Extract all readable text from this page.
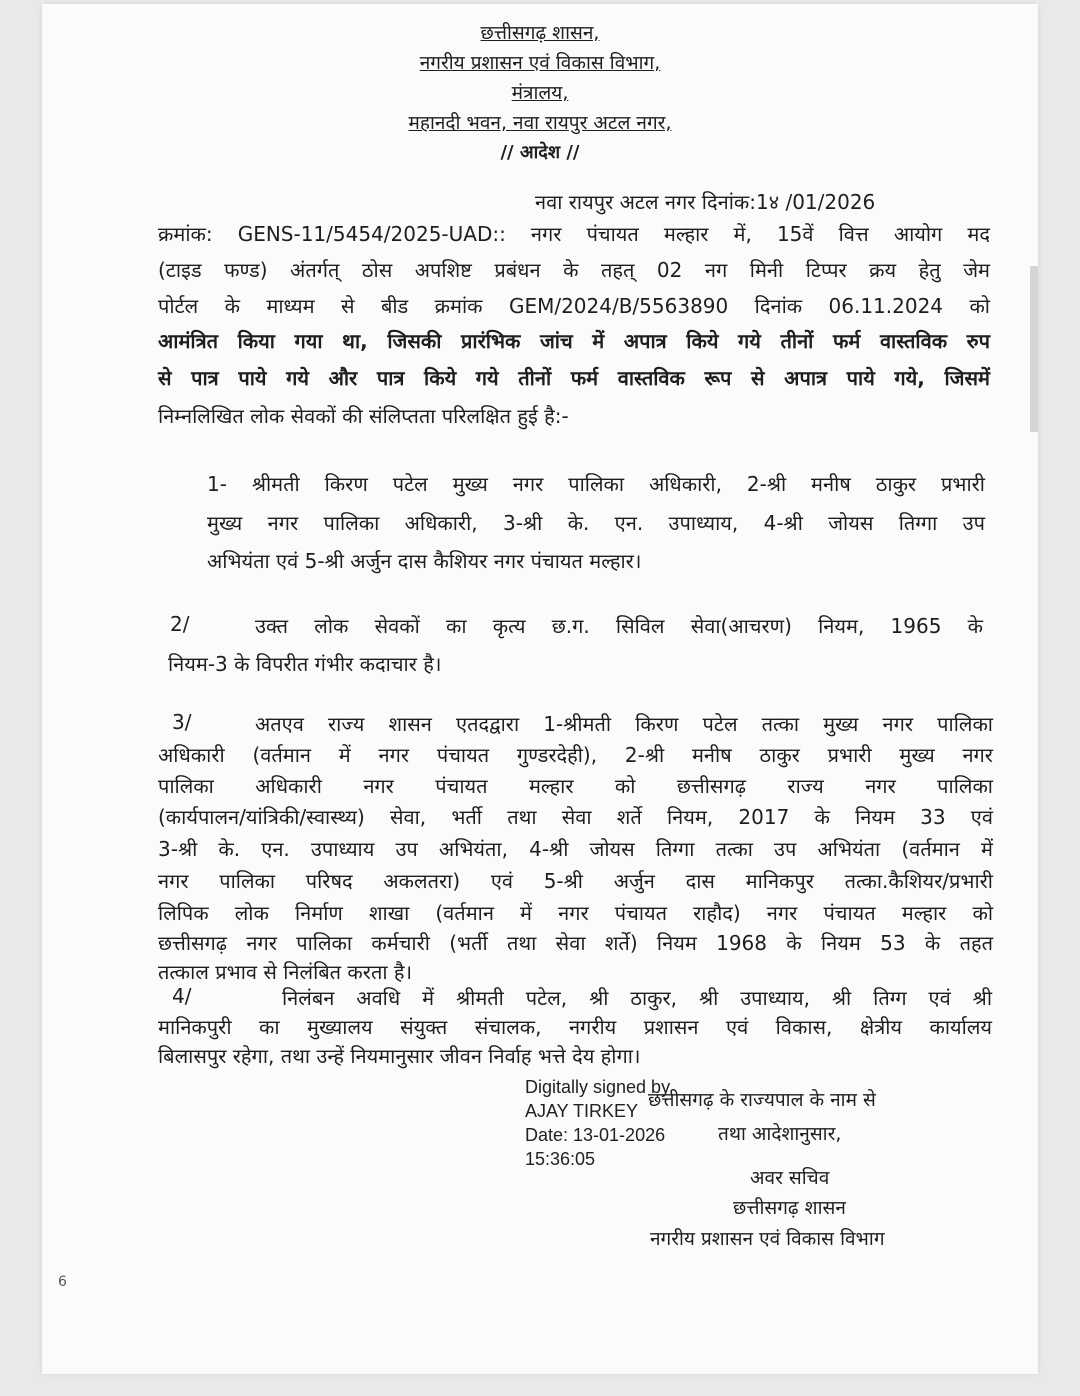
छत्तीसगढ़ शासन,
नगरीय प्रशासन एवं विकास विभाग,
मंत्रालय,
महानदी भवन, नवा रायपुर अटल नगर,
// आदेश //
नवा रायपुर अटल नगर दिनांक:1४ /01/2026
क्रमांक: GENS-11/5454/2025-UAD:: नगर पंचायत मल्हार में, 15वें वित्त आयोग मद
(टाइड फण्ड) अंतर्गत् ठोस अपशिष्ट प्रबंधन के तहत् 02 नग मिनी टिप्पर क्रय हेतु जेम
पोर्टल के माध्यम से बीड क्रमांक GEM/2024/B/5563890 दिनांक 06.11.2024 को
आमंत्रित किया गया था, जिसकी प्रारंभिक जांच में अपात्र किये गये तीनों फर्म वास्तविक रुप
से पात्र पाये गये और पात्र किये गये तीनों फर्म वास्तविक रूप से अपात्र पाये गये, जिसमें
निम्नलिखित लोक सेवकों की संलिप्तता परिलक्षित हुई है:-
1- श्रीमती किरण पटेल मुख्य नगर पालिका अधिकारी, 2-श्री मनीष ठाकुर प्रभारी
मुख्य नगर पालिका अधिकारी, 3-श्री के. एन. उपाध्याय, 4-श्री जोयस तिग्गा उप
अभियंता एवं 5-श्री अर्जुन दास कैशियर नगर पंचायत मल्हार।
2/	उक्त लोक सेवकों का कृत्य छ.ग. सिविल सेवा(आचरण) नियम, 1965 के
नियम-3 के विपरीत गंभीर कदाचार है।
3/	अतएव राज्य शासन एतदद्वारा 1-श्रीमती किरण पटेल तत्का मुख्य नगर पालिका
अधिकारी (वर्तमान में नगर पंचायत गुण्डरदेही), 2-श्री मनीष ठाकुर प्रभारी मुख्य नगर
पालिका अधिकारी नगर पंचायत मल्हार को छत्तीसगढ़ राज्य नगर पालिका
(कार्यपालन/यांत्रिकी/स्वास्थ्य) सेवा, भर्ती तथा सेवा शर्ते नियम, 2017 के नियम 33 एवं
3-श्री के. एन. उपाध्याय उप अभियंता, 4-श्री जोयस तिग्गा तत्का उप अभियंता (वर्तमान में
नगर पालिका परिषद अकलतरा) एवं 5-श्री अर्जुन दास मानिकपुर तत्का.कैशियर/प्रभारी
लिपिक लोक निर्माण शाखा (वर्तमान में नगर पंचायत राहौद) नगर पंचायत मल्हार को
छत्तीसगढ़ नगर पालिका कर्मचारी (भर्ती तथा सेवा शर्ते) नियम 1968 के नियम 53 के तहत
तत्काल प्रभाव से निलंबित करता है।
4/	निलंबन अवधि में श्रीमती पटेल, श्री ठाकुर, श्री उपाध्याय, श्री तिग्ग एवं श्री
मानिकपुरी का मुख्यालय संयुक्त संचालक, नगरीय प्रशासन एवं विकास, क्षेत्रीय कार्यालय
बिलासपुर रहेगा, तथा उन्हें नियमानुसार जीवन निर्वाह भत्ते देय होगा।
Digitally signed by
AJAY TIRKEY
Date: 13-01-2026
15:36:05
छत्तीसगढ़ के राज्यपाल के नाम से
तथा आदेशानुसार,
अवर सचिव
छत्तीसगढ़ शासन
नगरीय प्रशासन एवं विकास विभाग
6
